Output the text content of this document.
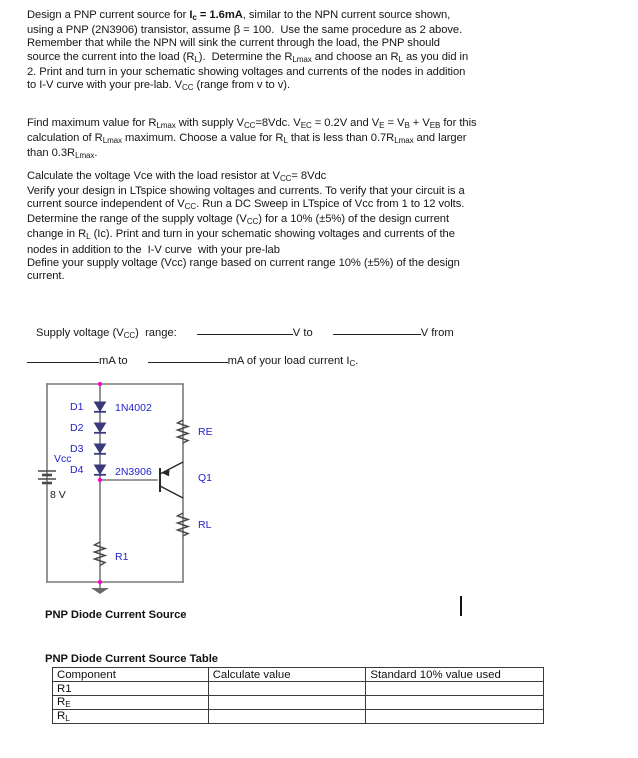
Design a PNP current source for $I_c = 1.6mA$, similar to the NPN current source shown,

using a PNP (2N3906) transistor, assume β = 100.  Use the same procedure as 2 above.

Remember that while the NPN will sink the current through the load, the PNP should

source the current into the load $(R_L)$.  Determine the $R_{Lmax}$ and choose an $R_L$ as you did in

2. Print and turn in your schematic showing voltages and currents of the nodes in addition

to I-V curve with your pre-lab. $V_{CC}$ (range from v to v).

Find maximum value for $R_{Lmax}$ with supply $V_{CC}=8Vdc$. $V_{EC} = 0.2V$ and $V_E = V_B + V_{EB}$ for this

calculation of $R_{Lmax}$ maximum. Choose a value for $R_L$ that is less than $0.7R_{Lmax}$ and larger

than $0.3R_{Lmax}$.

Calculate the voltage Vce with the load resistor at $V_{CC}= 8Vdc$

Verify your design in LTspice showing voltages and currents. To verify that your circuit is a

current source independent of $V_{CC}$. Run a DC Sweep in LTspice of Vcc from 1 to 12 volts.

Determine the range of the supply voltage $(V_{CC})$ for a 10% (±5%) of the design current

change in $R_L$ (Ic). Print and turn in your schematic showing voltages and currents of the

nodes in addition to the  I-V curve  with your pre-lab

Define your supply voltage (Vcc) range based on current range 10% (±5%) of the design

current.

Supply voltage $(V_{CC})$  range:	V to	V from
mA to	mA of your load current $I_C$.
Vcc
8 V
D1
D2
D3
D4
1N4002
2N3906
RE
Q1
RL
R1
PNP Diode Current Source
PNP Diode Current Source Table
Component	Calculate value	Standard 10% value used
R1		
$R_E$		
$R_L$		
